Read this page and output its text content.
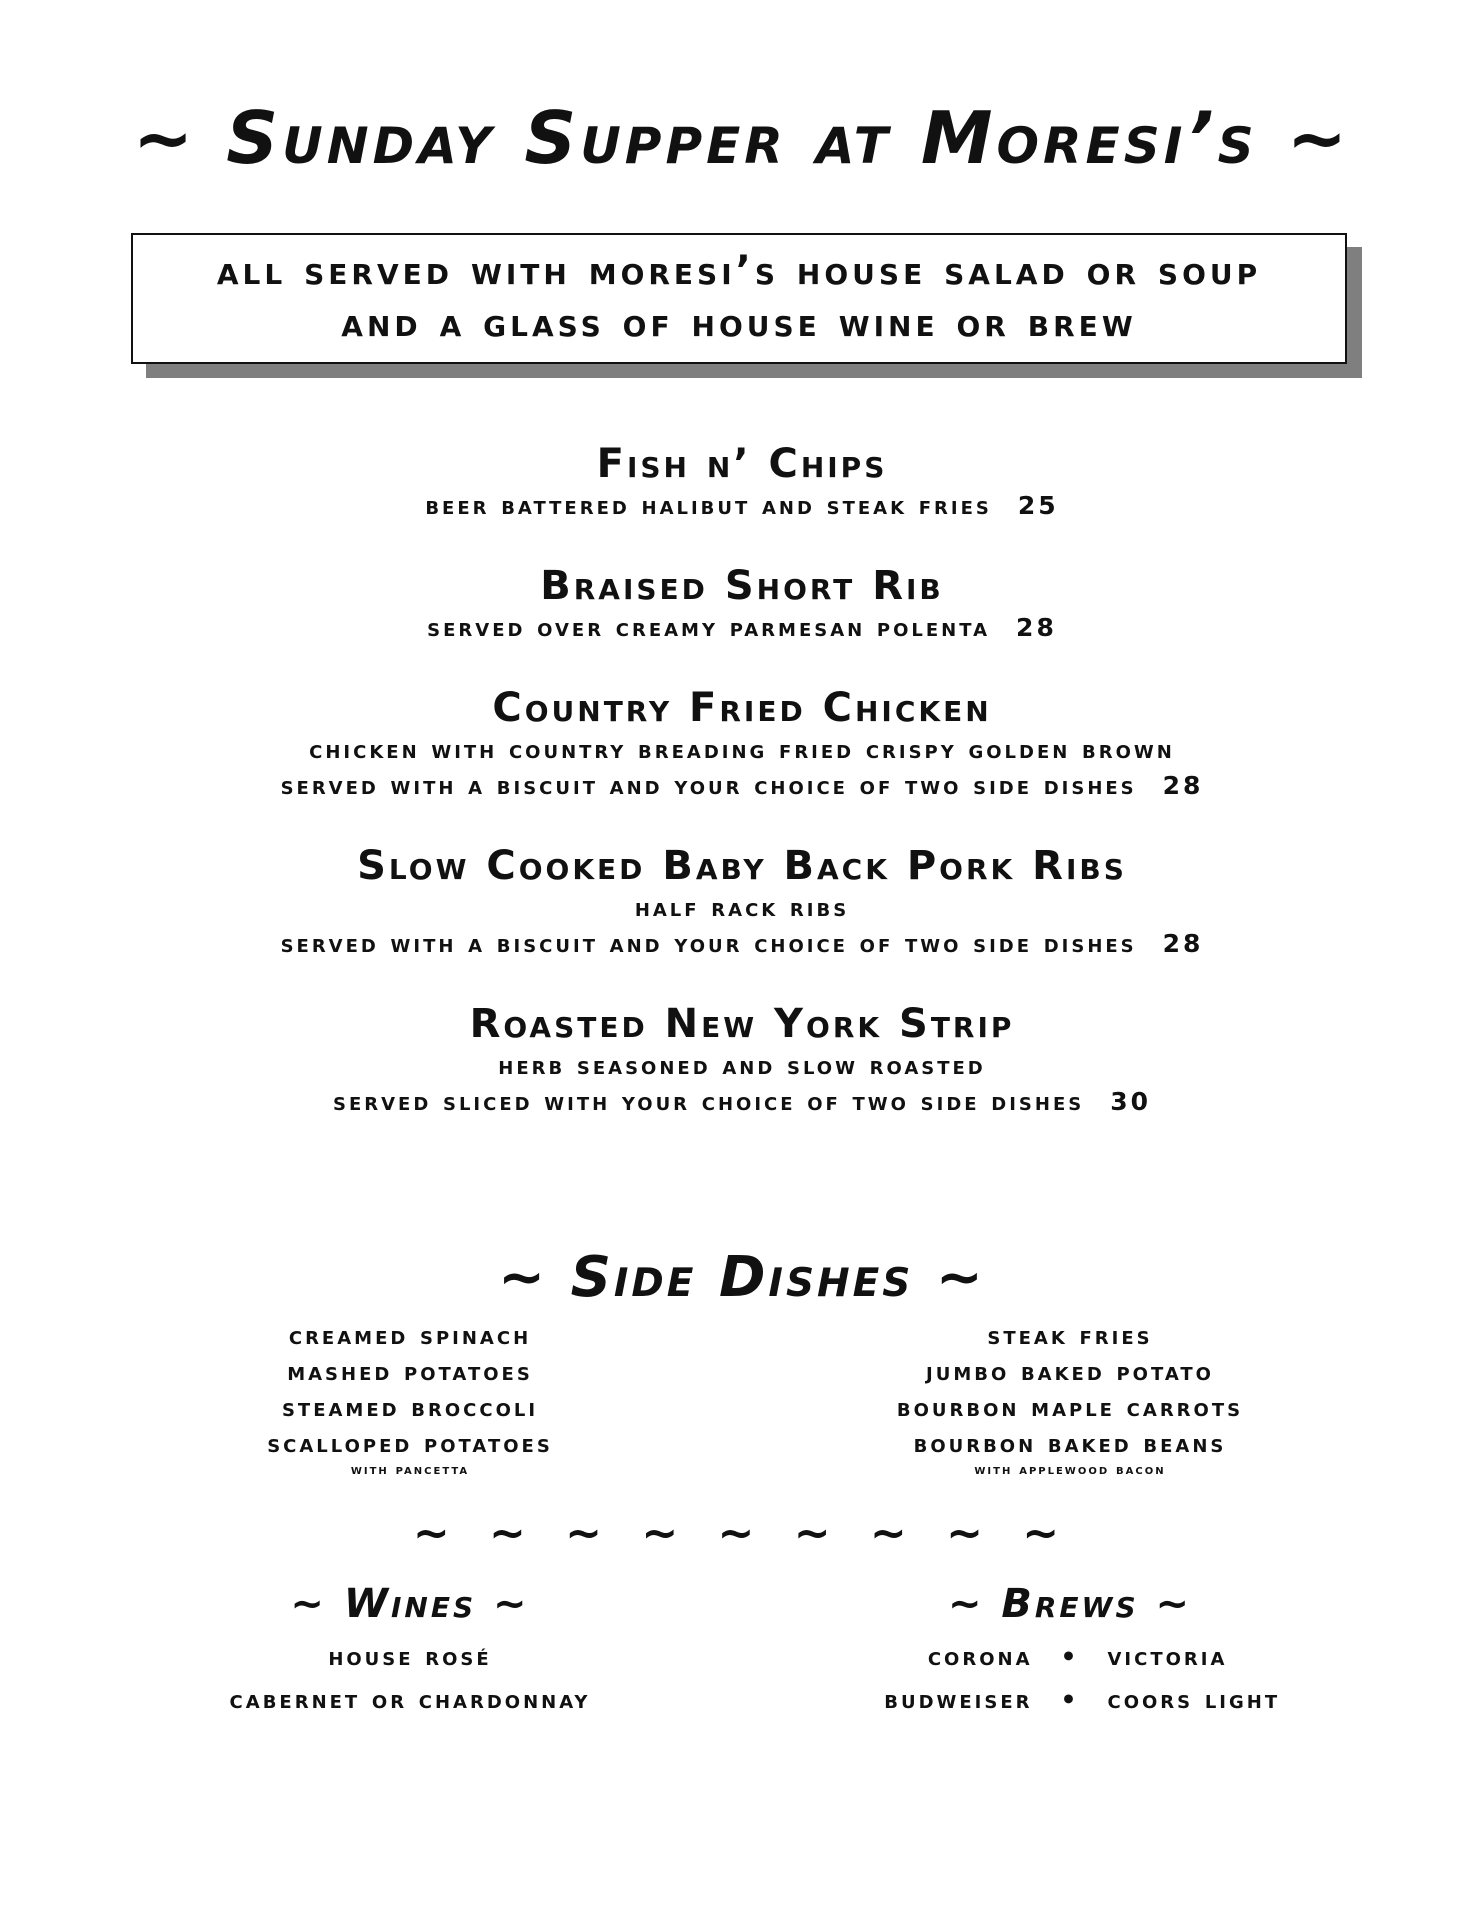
~ Sunday Supper at Moresi’s ~
all served with moresi’s house salad or soup
and a glass of house wine or brew
Fish n’ Chips
beer battered halibut and steak fries 25
Braised Short Rib
served over creamy parmesan polenta 28
Country Fried Chicken
chicken with country breading fried crispy golden brown
served with a biscuit and your choice of two side dishes 28
Slow Cooked Baby Back Pork Ribs
half rack ribs
served with a biscuit and your choice of two side dishes 28
Roasted New York Strip
herb seasoned and slow roasted
served sliced with your choice of two side dishes 30
~ Side Dishes ~
creamed spinach
mashed potatoes
steamed broccoli
scalloped potatoes
with pancetta
steak fries
jumbo baked potato
bourbon maple carrots
bourbon baked beans
with applewood bacon
~ ~ ~ ~ ~ ~ ~ ~ ~
~ Wines ~
house rosé
cabernet or chardonnay
~ Brews ~
corona • victoria
budweiser • coors light
